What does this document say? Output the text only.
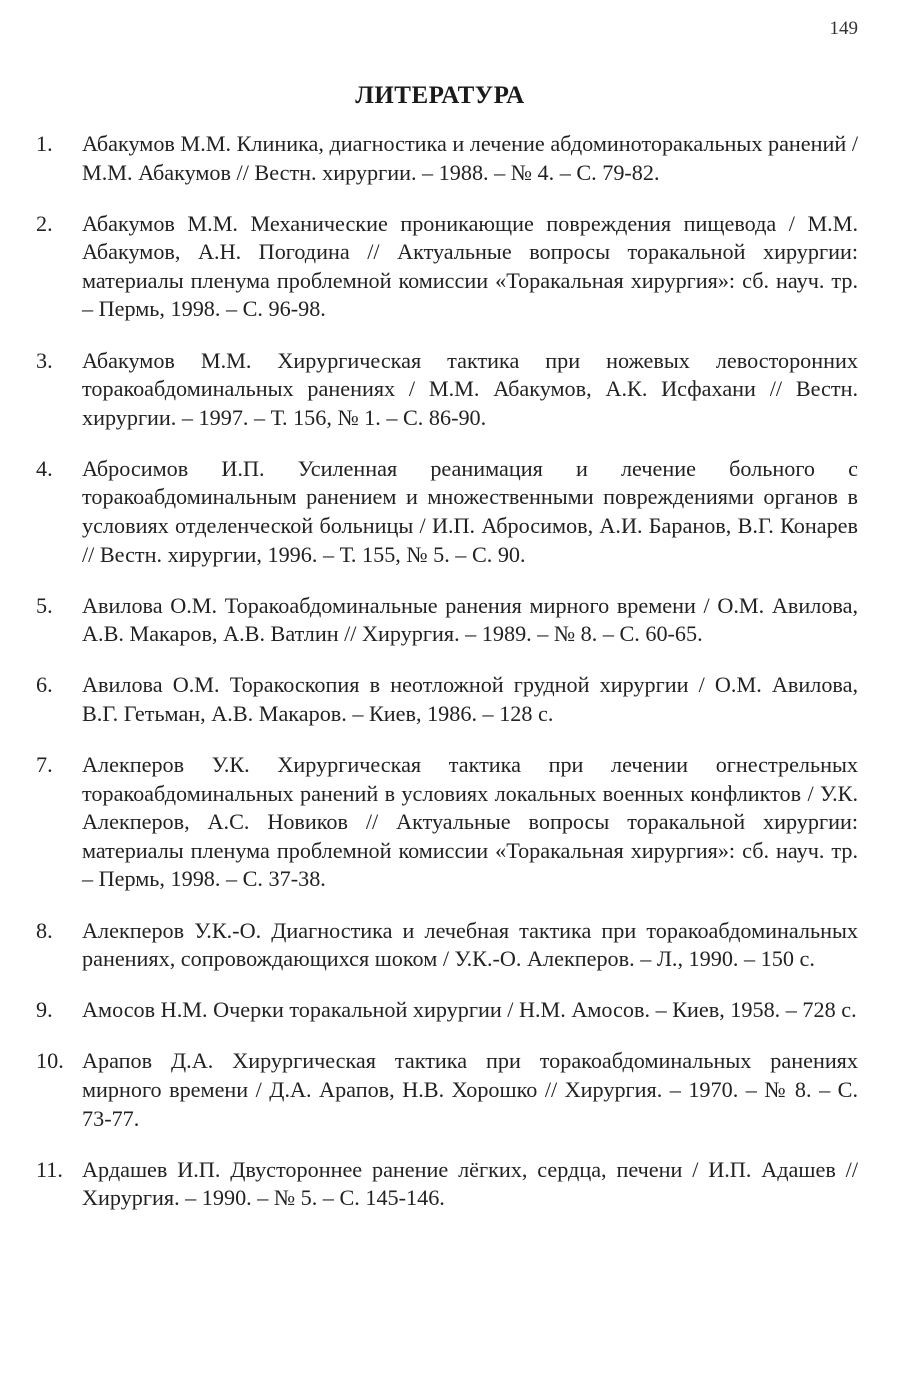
149
ЛИТЕРАТУРА
1.	Абакумов М.М. Клиника, диагностика и лечение абдоминоторакальных ранений / М.М. Абакумов // Вестн. хирургии. – 1988. – № 4. – С. 79-82.
2.	Абакумов М.М. Механические проникающие повреждения пищевода / М.М. Абакумов, А.Н. Погодина // Актуальные вопросы торакальной хирургии: материалы пленума проблемной комиссии «Торакальная хирургия»: сб. науч. тр. – Пермь, 1998. – С. 96-98.
3.	Абакумов М.М. Хирургическая тактика при ножевых левосторонних торакоабдоминальных ранениях / М.М. Абакумов, А.К. Исфахани // Вестн. хирургии. – 1997. – Т. 156, № 1. – С. 86-90.
4.	Абросимов И.П. Усиленная реанимация и лечение больного с торакоабдоминальным ранением и множественными повреждениями органов в условиях отделенческой больницы / И.П. Абросимов, А.И. Баранов, В.Г. Конарев // Вестн. хирургии, 1996. – Т. 155, № 5. – С. 90.
5.	Авилова О.М. Торакоабдоминальные ранения мирного времени / О.М. Авилова, А.В. Макаров, А.В. Ватлин // Хирургия. – 1989. – № 8. – С. 60-65.
6.	Авилова О.М. Торакоскопия в неотложной грудной хирургии / О.М. Авилова, В.Г. Гетьман, А.В. Макаров. – Киев, 1986. – 128 с.
7.	Алекперов У.К. Хирургическая тактика при лечении огнестрельных торакоабдоминальных ранений в условиях локальных военных конфликтов / У.К. Алекперов, А.С. Новиков // Актуальные вопросы торакальной хирургии: материалы пленума проблемной комиссии «Торакальная хирургия»: сб. науч. тр. – Пермь, 1998. – С. 37-38.
8.	Алекперов У.К.-О. Диагностика и лечебная тактика при торакоабдоминальных ранениях, сопровождающихся шоком / У.К.-О. Алекперов. – Л., 1990. – 150 с.
9.	Амосов Н.М. Очерки торакальной хирургии / Н.М. Амосов. – Киев, 1958. – 728 с.
10. Арапов Д.А. Хирургическая тактика при торакоабдоминальных ранениях мирного времени / Д.А. Арапов, Н.В. Хорошко // Хирургия. – 1970. – № 8. – С. 73-77.
11. Ардашев И.П. Двустороннее ранение лёгких, сердца, печени / И.П. Адашев // Хирургия. – 1990. – № 5. – С. 145-146.
